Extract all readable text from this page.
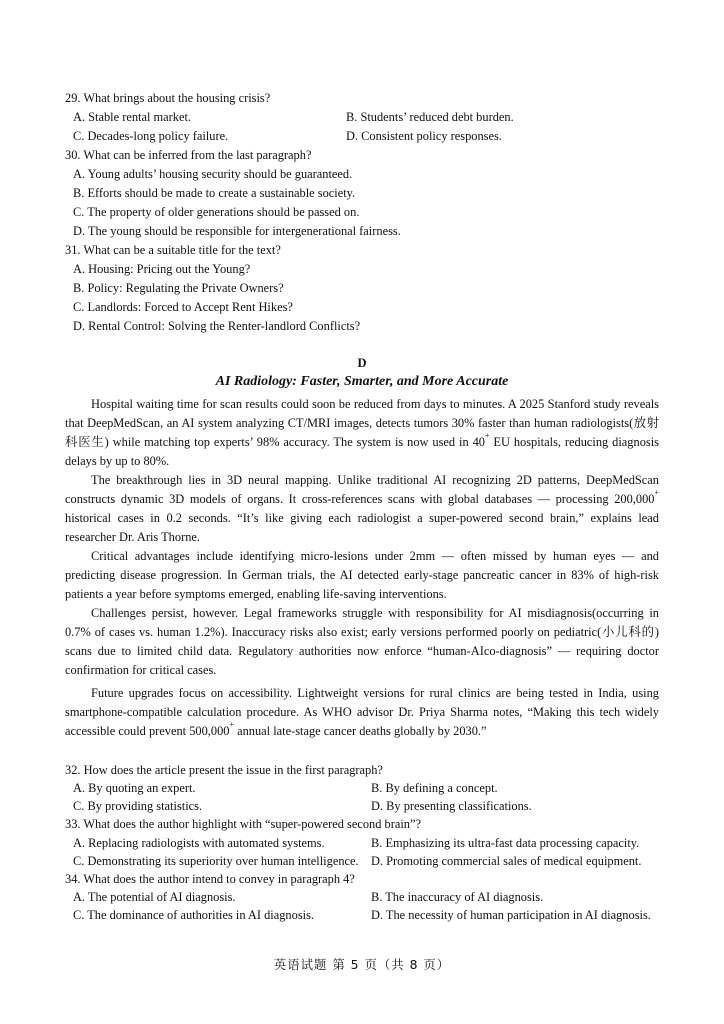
29. What brings about the housing crisis?
A. Stable rental market.	B. Students’ reduced debt burden.
C. Decades-long policy failure.	D. Consistent policy responses.
30. What can be inferred from the last paragraph?
A. Young adults’ housing security should be guaranteed.
B. Efforts should be made to create a sustainable society.
C. The property of older generations should be passed on.
D. The young should be responsible for intergenerational fairness.
31. What can be a suitable title for the text?
A. Housing: Pricing out the Young?
B. Policy: Regulating the Private Owners?
C. Landlords: Forced to Accept Rent Hikes?
D. Rental Control: Solving the Renter-landlord Conflicts?
D
AI Radiology: Faster, Smarter, and More Accurate

Hospital waiting time for scan results could soon be reduced from days to minutes. A 2025 Stanford study reveals that DeepMedScan, an AI system analyzing CT/MRI images, detects tumors 30% faster than human radiologists(放射科医生) while matching top experts’ 98% accuracy. The system is now used in 40+ EU hospitals, reducing diagnosis delays by up to 80%.

The breakthrough lies in 3D neural mapping. Unlike traditional AI recognizing 2D patterns, DeepMedScan constructs dynamic 3D models of organs. It cross-references scans with global databases — processing 200,000+ historical cases in 0.2 seconds. “It’s like giving each radiologist a super-powered second brain,” explains lead researcher Dr. Aris Thorne.

Critical advantages include identifying micro-lesions under 2mm — often missed by human eyes — and predicting disease progression. In German trials, the AI detected early-stage pancreatic cancer in 83% of high-risk patients a year before symptoms emerged, enabling life-saving interventions.

Challenges persist, however. Legal frameworks struggle with responsibility for AI misdiagnosis(occurring in 0.7% of cases vs. human 1.2%). Inaccuracy risks also exist; early versions performed poorly on pediatric(小儿科的) scans due to limited child data. Regulatory authorities now enforce “human-AIco-diagnosis” — requiring doctor confirmation for critical cases.

Future upgrades focus on accessibility. Lightweight versions for rural clinics are being tested in India, using smartphone-compatible calculation procedure. As WHO advisor Dr. Priya Sharma notes, “Making this tech widely accessible could prevent 500,000+ annual late-stage cancer deaths globally by 2030.”

32. How does the article present the issue in the first paragraph?
A. By quoting an expert.	B. By defining a concept.
C. By providing statistics.	D. By presenting classifications.
33. What does the author highlight with “super-powered second brain”?
A. Replacing radiologists with automated systems.	B. Emphasizing its ultra-fast data processing capacity.
C. Demonstrating its superiority over human intelligence. D. Promoting commercial sales of medical equipment.
34. What does the author intend to convey in paragraph 4?
A. The potential of AI diagnosis.	B. The inaccuracy of AI diagnosis.
C. The dominance of authorities in AI diagnosis.	D. The necessity of human participation in AI diagnosis.
英语试题 第 5 页（共 8 页）
